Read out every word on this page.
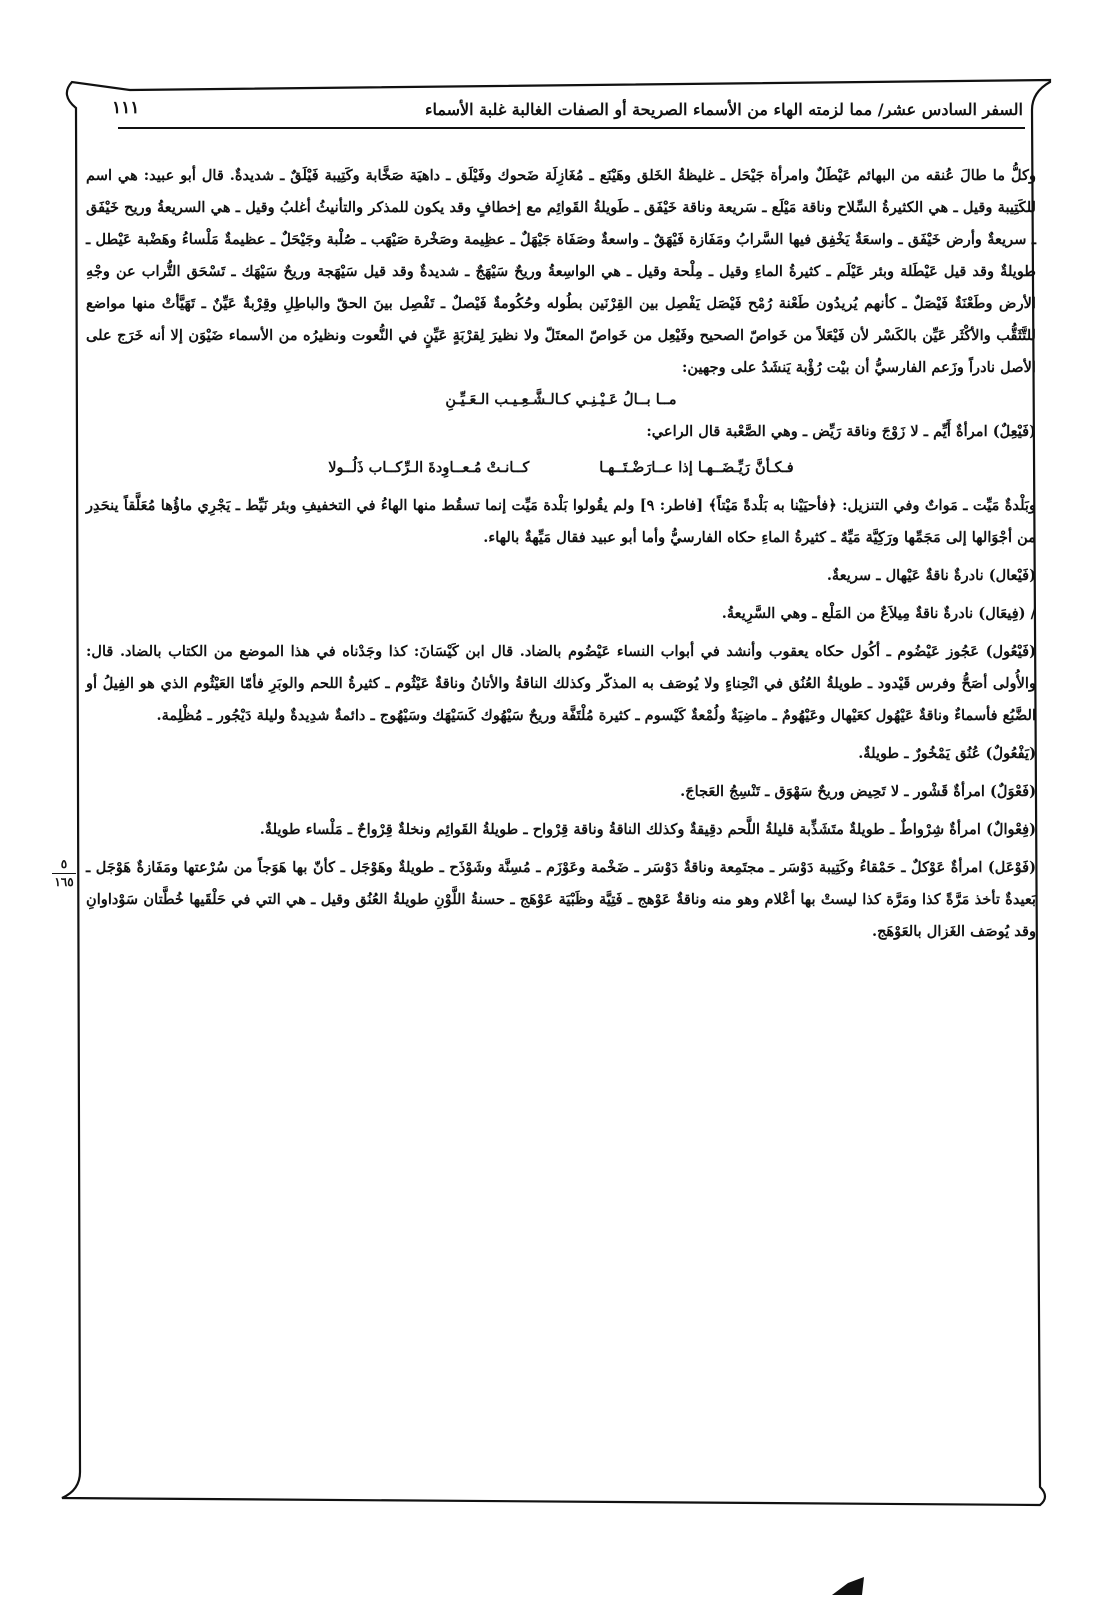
السفر السادس عشر/ مما لزمته الهاء من الأسماء الصريحة أو الصفات الغالبة غلبة الأسماء
١١١
٥
١٦٥

وكلُّ ما طالَ عُنقه من البهائم عَيْطَلٌ وامرأة جَيْحَل ـ غليظةُ الخَلق وهَيْنَع ـ مُغَازِلَة ضَحوك وفَيْلَق ـ داهيَة صَخَّابة وكَتِيبة فَيْلَقٌ ـ شديدةٌ. قال أبو عبيد: هي اسم للكَتِيبة وقيل ـ هي الكثيرةُ السِّلاح وناقة مَيْلَع ـ سَريعة وناقة خَيْفَق ـ طَويلةُ القَوائِم مع إخطافٍ وقد يكون للمذكر والتأنيثُ أغلبُ وقيل ـ هي السريعةُ وريح خَيْفَق ـ سريعةٌ وأرض خَيْفَق ـ واسعَةٌ يَخْفِق فيها السَّرابُ ومَفَازة فَيْهَقٌ ـ واسعةٌ وصَفَاة جَيْهَلٌ ـ عظِيمة وصَخْرة صَيْهَب ـ صُلْبة وجَيْحَلٌ ـ عظيمةٌ مَلْساءُ وهَضْبة عَيْطل ـ طويلةٌ وقد قيل عَيْطَلة وبئر عَيْلَم ـ كثيرةُ الماءِ وقيل ـ مِلْحة وقيل ـ هي الواسِعةُ وريحٌ سَيْهَجٌ ـ شديدةٌ وقد قيل سَيْهَجة وريحٌ سَيْهَك ـ تَسْحَق التُّراب عن وجْهِ الأرض وطَعْنَةٌ فَيْصَلٌ ـ كأنهم يُريدُون طَعْنة رُمْح فَيْصَل يَفْصِل بين القِرْنَين بطُوله وحُكُومةٌ فَيْصلٌ ـ تَفْصِل بينَ الحقّ والباطِلِ وقِرْبةٌ عَيِّنٌ ـ تَهَيَّأتْ منها مواضع للتَّثَقُّب والأكْثَر عَيِّن بالكَسْر لأن فَيْعَلاً من خَواصّ الصحيح وفَيْعِل من خَواصّ المعتَلّ ولا نظيرَ لِقرْبَةٍ عَيِّنٍ في النُّعوت ونظيرُه من الأسماء ضَيْوَن إلا أنه خَرَج على الأصل نادراً وزَعم الفارسيُّ أن بيْت رُؤْبة يَنشَدُ على وجهين:

مــا بــالُ عَـيْـنِـي كـالـشَّـعِـيـب الـعَـيِّـنِ

(فَيْعِلٌ) امرأةٌ أَيِّم ـ لا زَوْجَ وناقة رَيِّض ـ وهي الصَّعْبة قال الراعي:

فـكـأنَّ رَيِّـضَــهـا إذا عــارَضْـتَــهـا
كــانـتْ مُـعــاوِدةَ الـرِّكــاب ذَلُــولا

وبَلْدةٌ مَيِّت ـ مَواتٌ وفي التنزيل: ﴿فأحيَيْنا به بَلْدةً مَيْتاً﴾ [فاطر: ٩] ولم يقُولوا بَلْدة مَيِّت إنما تسقُط منها الهاءُ في التخفيفِ وبئر نَيِّط ـ يَجْرِي ماؤُها مُعَلَّقاً ينحَدِر من أجْوَالها إلى مَجَمِّها ورَكِيَّة مَيِّهٌ ـ كثيرةُ الماءِ حكاه الفارسيُّ وأما أبو عبيد فقال مَيِّهةٌ بالهاء.

(فَيْعال) نادرةٌ ناقةٌ عَيْهال ـ سريعةٌ.

/ (فِيعَال) نادرةٌ ناقةٌ مِيلاَعٌ من المَلْع ـ وهي السَّرِيعةُ.

(فَيْعُول) عَجُوز عَيْضُوم ـ أكُول حكاه يعقوب وأنشد في أبواب النساء عَيْضُوم بالضاد. قال ابن كَيْسَانَ: كذا وجَدْناه في هذا الموضع من الكتاب بالضاد. قال: والأُولى أصَحُّ وفرس قَيْدود ـ طويلةُ العُنُق في انْحِناءٍ ولا يُوصَف به المذكّر وكذلك الناقةُ والأتانُ وناقةٌ عَيْثُوم ـ كثيرةُ اللحم والوبَرِ فأمّا العَيْثُوم الذي هو الفِيلُ أو الضَّبُع فأسماءٌ وناقةٌ عَيْهُول كعَيْهال وعَيْهُومٌ ـ ماضِيَةٌ ولُمْعةٌ كَيْسوم ـ كثيرة مُلْتَفَّة وريحٌ سَيْهُوك كَسَيْهَك وسَيْهُوج ـ دائمةٌ شدِيدةٌ وليلة دَيْجُور ـ مُظْلِمة.

(يَفْعُولٌ) عُنُق يَمْخُورٌ ـ طويلةٌ.

(فَعْوَلٌ) امرأةٌ قَشْور ـ لا تَحِيض وريحٌ سَهْوَق ـ تَنْسِجُ العَجاجَ.

(فِعْوالٌ) امرأةٌ شِرْواطٌ ـ طويلةٌ متَشَذِّبة قليلةُ اللَّحم دقِيقةٌ وكذلك الناقةُ وناقة قِرْواح ـ طويلةُ القَوائِم ونخلةٌ قِرْواحٌ ـ مَلْساء طويلةٌ.

(فَوْعَل) امرأةٌ عَوْكلٌ ـ حَمْقاءُ وكَتِيبة دَوْسَر ـ مجتَمِعة وناقةٌ دَوْسَر ـ ضَخْمة وعَوْزَم ـ مُسِنَّة وشَوْذَح ـ طويلةٌ وهَوْجَل ـ كأنّ بها هَوَجاً من سُرْعتها ومَفَازةٌ هَوْجَل ـ بَعيدةٌ تأخذ مَرَّةً كذا ومَرَّة كذا ليستْ بها أعْلام وهو منه وناقةٌ عَوْهج ـ فَتِيَّة وظَبْيَة عَوْهَج ـ حسنةُ اللَّوْنِ طويلةُ العُنُق وقيل ـ هي التي في حَلْقَيها خُطَّتان سَوْداوانِ وقد يُوصَف الغَزال بالعَوْهَج.
